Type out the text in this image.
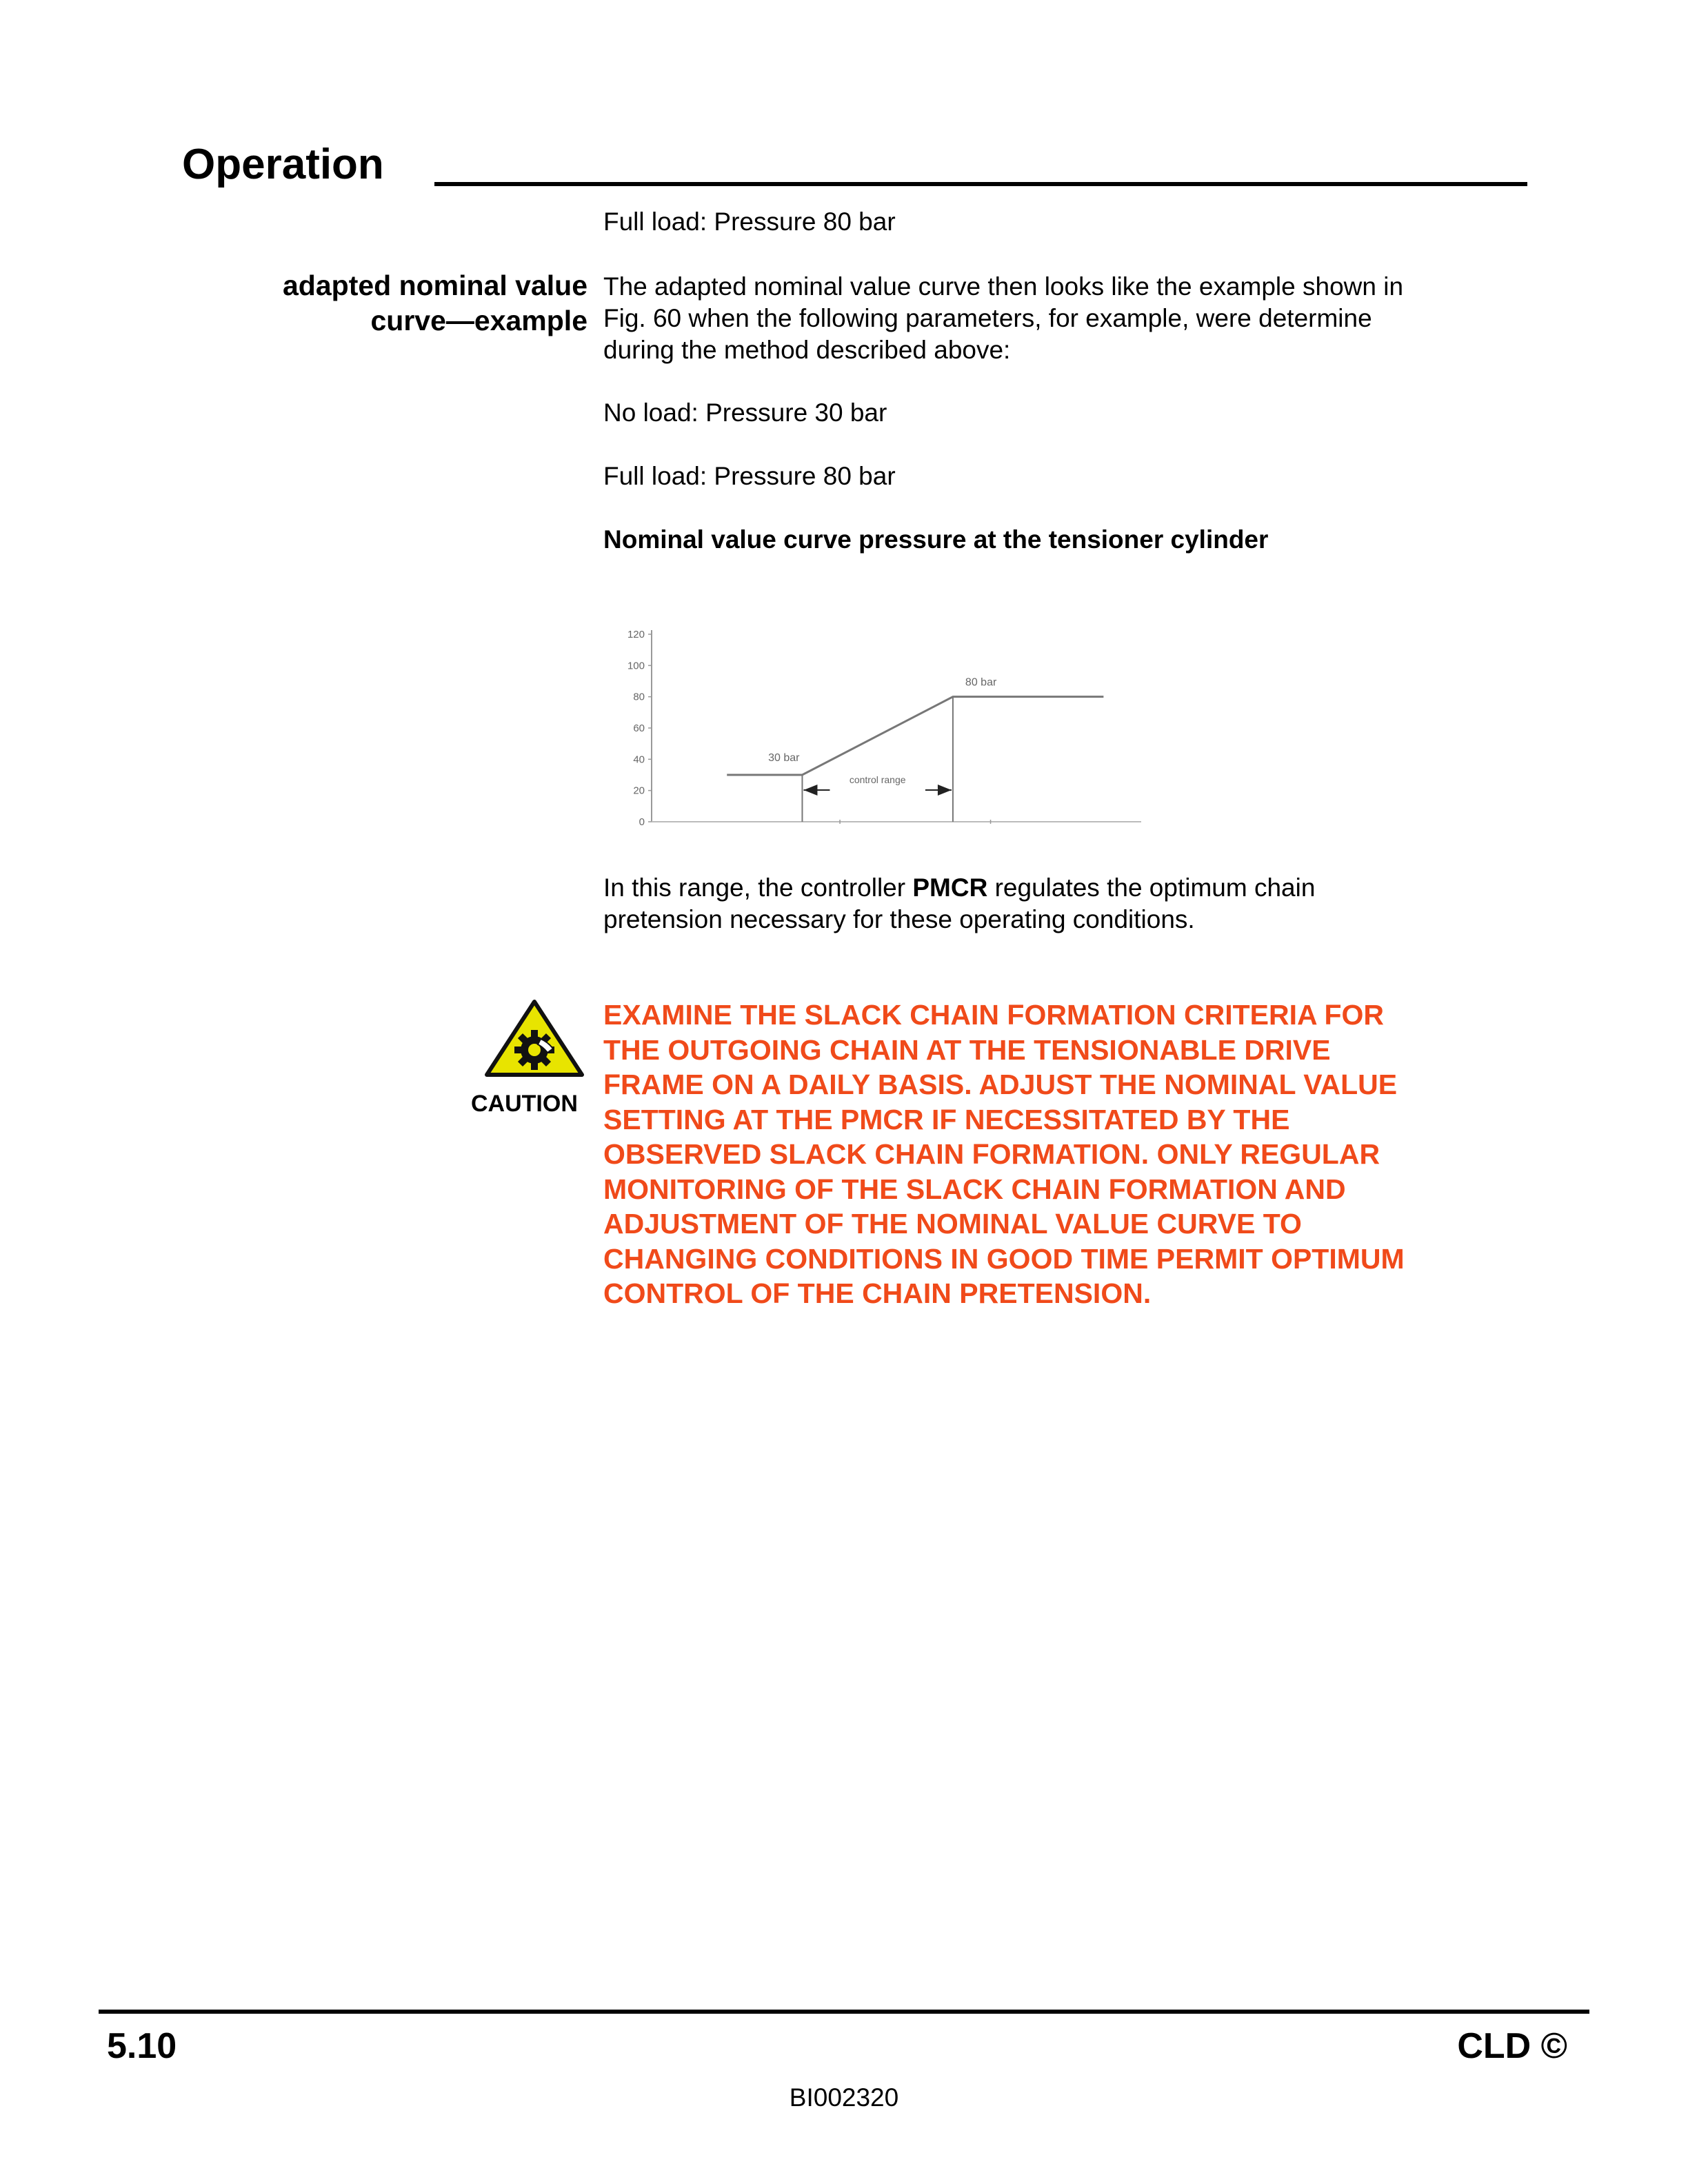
Operation
Full load: Pressure 80 bar
adapted nominal value
curve—example
The adapted nominal value curve then looks like the example shown in
Fig. 60 when the following parameters, for example, were determine
during the method described above:
No load: Pressure 30 bar
Full load: Pressure 80 bar
Nominal value curve pressure at the tensioner cylinder
120
100
80
60
40
20
0
30 bar
80 bar
control range
In this range, the controller PMCR regulates the optimum chain
pretension necessary for these operating conditions.
CAUTION
EXAMINE THE SLACK CHAIN FORMATION CRITERIA FOR
THE OUTGOING CHAIN AT THE TENSIONABLE DRIVE
FRAME ON A DAILY BASIS. ADJUST THE NOMINAL VALUE
SETTING AT THE PMCR IF NECESSITATED BY THE
OBSERVED SLACK CHAIN FORMATION. ONLY REGULAR
MONITORING OF THE SLACK CHAIN FORMATION AND
ADJUSTMENT OF THE NOMINAL VALUE CURVE TO
CHANGING CONDITIONS IN GOOD TIME PERMIT OPTIMUM
CONTROL OF THE CHAIN PRETENSION.
5.10	CLD ©
BI002320
